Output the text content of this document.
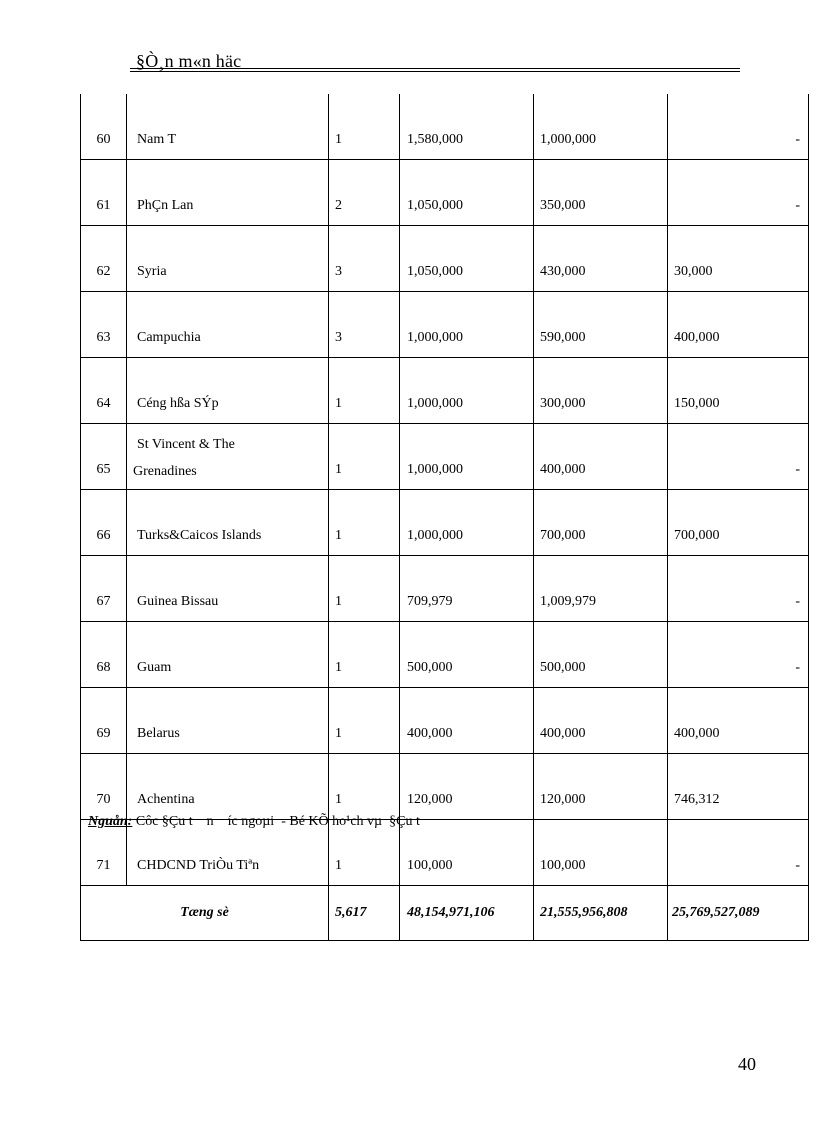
§Ò¸n m«n häc
60	Nam T	1	1,580,000	1,000,000	-
61	PhÇn Lan	2	1,050,000	350,000	-
62	Syria	3	1,050,000	430,000	30,000
63	Campuchia	3	1,000,000	590,000	400,000
64	Céng hßa SÝp	1	1,000,000	300,000	150,000
65	St Vincent & The
Grenadines	1	1,000,000	400,000	-
66	Turks&Caicos Islands	1	1,000,000	700,000	700,000
67	Guinea Bissau	1	709,979	1,009,979	-
68	Guam	1	500,000	500,000	-
69	Belarus	1	400,000	400,000	400,000
70	Achentina	1	120,000	120,000	746,312
71	CHDCND TriÒu Tiªn	1	100,000	100,000	-
Tæng sè		5,617	48,154,971,106	21,555,956,808	25,769,527,089
Nguån: Côc §Çu t    n    íc ngoµi  - Bé KÕ ho¹ch vµ  §Çu t
40
